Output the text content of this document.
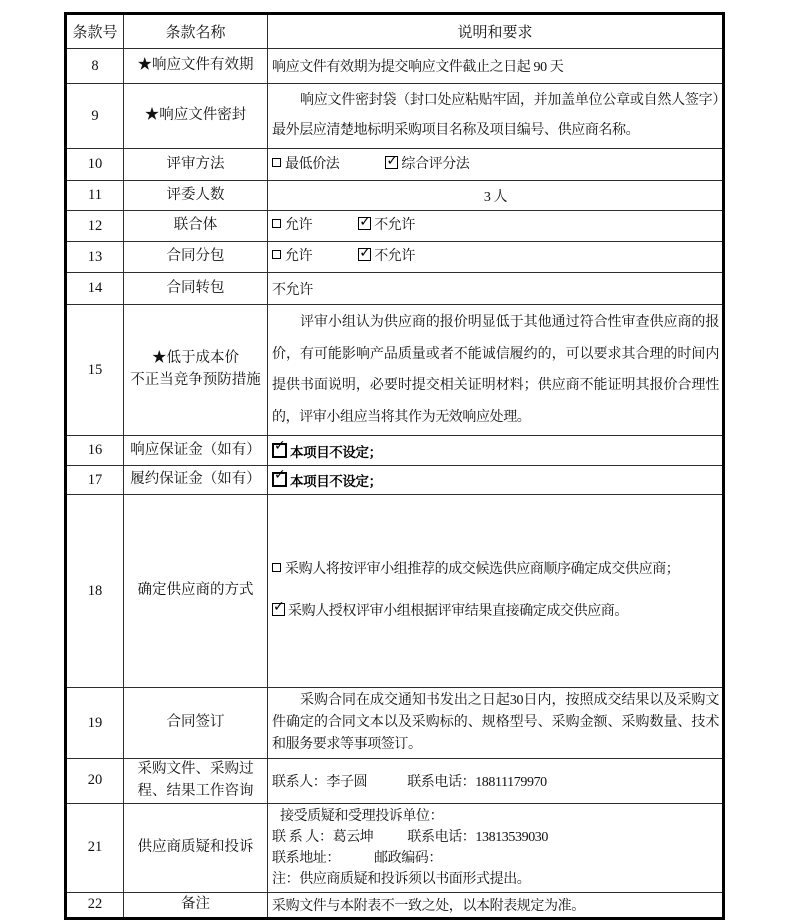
条款号	条款名称	说明和要求
8	★响应文件有效期	响应文件有效期为提交响应文件截止之日起 90 天

9	★响应文件密封	响应文件密封袋（封口处应粘贴牢固，并加盖单位公章或自然人签字）最外层应清楚地标明采购项目名称及项目编号、供应商名称。

10	评审方法	最低价法 ✓ 综合评分法

11	评委人数	3 人

12	联合体	允许 ✓ 不允许

13	合同分包	允许 ✓ 不允许

14	合同转包	不允许

15	★低于成本价
不正当竞争预防措施	评审小组认为供应商的报价明显低于其他通过符合性审查供应商的报价，有可能影响产品质量或者不能诚信履约的，可以要求其合理的时间内提供书面说明，必要时提交相关证明材料；供应商不能证明其报价合理性的，评审小组应当将其作为无效响应处理。

16	响应保证金（如有）	

✓本项目不设定；

17	履约保证金（如有）	

✓本项目不设定；

18	确定供应商的方式	采购人将按评审小组推荐的成交候选供应商顺序确定成交供应商；

✓采购人授权评审小组根据评审结果直接确定成交供应商。

19	合同签订	采购合同在成交通知书发出之日起30日内，按照成交结果以及采购文件确定的合同文本以及采购标的、规格型号、采购金额、采购数量、技术和服务要求等事项签订。

20	采购文件、采购过程、结果工作咨询	联系人：李子圆 联系电话：18811179970

21	供应商质疑和投诉	接受质疑和受理投诉单位：

联 系 人：葛云坤 联系电话：13813539030

联系地址： 邮政编码：

注：供应商质疑和投诉须以书面形式提出。

22	备注	采购文件与本附表不一致之处，以本附表规定为准。
